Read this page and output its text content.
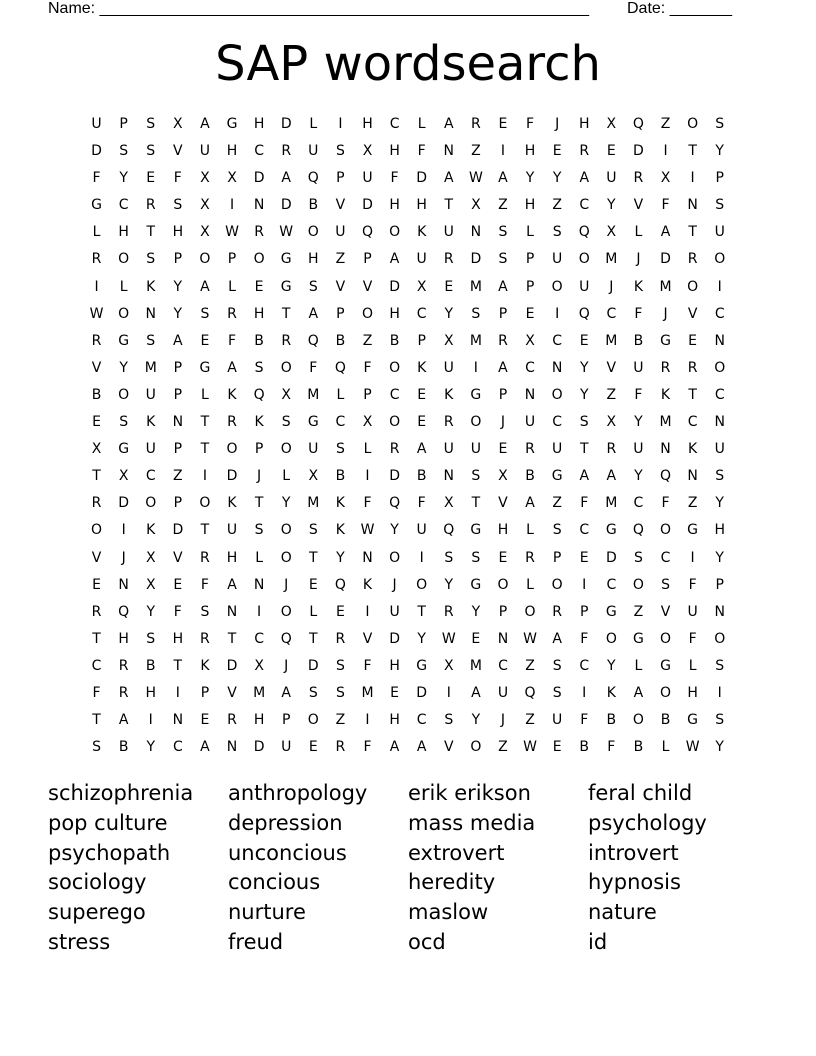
Name: _______________________________________________________ Date: _______
SAP wordsearch
U	P	S	X	A	G	H	D	L	I	H	C	L	A	R	E	F	J	H	X	Q	Z	O	S
D	S	S	V	U	H	C	R	U	S	X	H	F	N	Z	I	H	E	R	E	D	I	T	Y
F	Y	E	F	X	X	D	A	Q	P	U	F	D	A	W	A	Y	Y	A	U	R	X	I	P
G	C	R	S	X	I	N	D	B	V	D	H	H	T	X	Z	H	Z	C	Y	V	F	N	S
L	H	T	H	X	W	R	W	O	U	Q	O	K	U	N	S	L	S	Q	X	L	A	T	U
R	O	S	P	O	P	O	G	H	Z	P	A	U	R	D	S	P	U	O	M	J	D	R	O
I	L	K	Y	A	L	E	G	S	V	V	D	X	E	M	A	P	O	U	J	K	M	O	I
W	O	N	Y	S	R	H	T	A	P	O	H	C	Y	S	P	E	I	Q	C	F	J	V	C
R	G	S	A	E	F	B	R	Q	B	Z	B	P	X	M	R	X	C	E	M	B	G	E	N
V	Y	M	P	G	A	S	O	F	Q	F	O	K	U	I	A	C	N	Y	V	U	R	R	O
B	O	U	P	L	K	Q	X	M	L	P	C	E	K	G	P	N	O	Y	Z	F	K	T	C
E	S	K	N	T	R	K	S	G	C	X	O	E	R	O	J	U	C	S	X	Y	M	C	N
X	G	U	P	T	O	P	O	U	S	L	R	A	U	U	E	R	U	T	R	U	N	K	U
T	X	C	Z	I	D	J	L	X	B	I	D	B	N	S	X	B	G	A	A	Y	Q	N	S
R	D	O	P	O	K	T	Y	M	K	F	Q	F	X	T	V	A	Z	F	M	C	F	Z	Y
O	I	K	D	T	U	S	O	S	K	W	Y	U	Q	G	H	L	S	C	G	Q	O	G	H
V	J	X	V	R	H	L	O	T	Y	N	O	I	S	S	E	R	P	E	D	S	C	I	Y
E	N	X	E	F	A	N	J	E	Q	K	J	O	Y	G	O	L	O	I	C	O	S	F	P
R	Q	Y	F	S	N	I	O	L	E	I	U	T	R	Y	P	O	R	P	G	Z	V	U	N
T	H	S	H	R	T	C	Q	T	R	V	D	Y	W	E	N	W	A	F	O	G	O	F	O
C	R	B	T	K	D	X	J	D	S	F	H	G	X	M	C	Z	S	C	Y	L	G	L	S
F	R	H	I	P	V	M	A	S	S	M	E	D	I	A	U	Q	S	I	K	A	O	H	I
T	A	I	N	E	R	H	P	O	Z	I	H	C	S	Y	J	Z	U	F	B	O	B	G	S
S	B	Y	C	A	N	D	U	E	R	F	A	A	V	O	Z	W	E	B	F	B	L	W	Y
schizophrenia	anthropology	erik erikson	feral child
pop culture	depression	mass media	psychology
psychopath	unconcious	extrovert	introvert
sociology	concious	heredity	hypnosis
superego	nurture	maslow	nature
stress	freud	ocd	id
